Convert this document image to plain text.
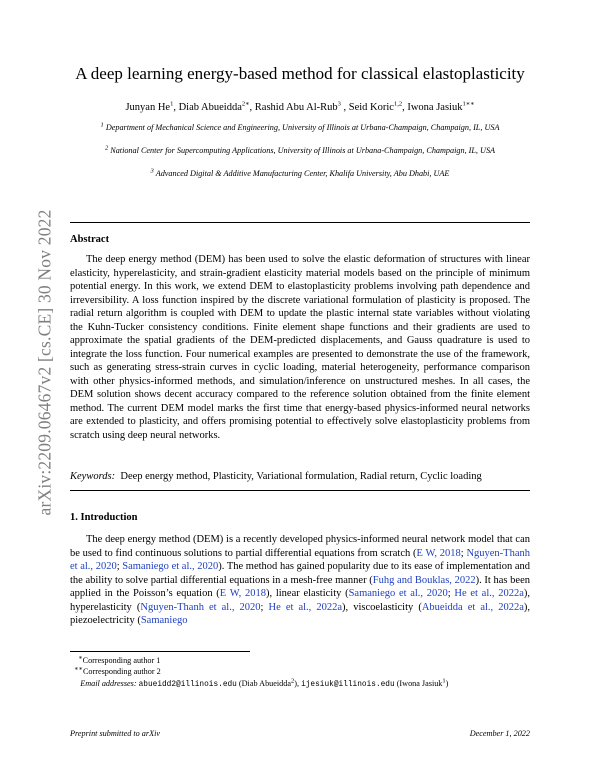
arXiv:2209.06467v2 [cs.CE] 30 Nov 2022
A deep learning energy-based method for classical elastoplasticity
Junyan He$^1$, Diab Abueidda$^{2∗}$, Rashid Abu Al-Rub$^3$ , Seid Koric$^{1,2}$, Iwona Jasiuk$^{1∗∗}$
$^1$ Department of Mechanical Science and Engineering, University of Illinois at Urbana-Champaign, Champaign, IL, USA
$^2$ National Center for Supercomputing Applications, University of Illinois at Urbana-Champaign, Champaign, IL, USA
$^3$ Advanced Digital & Additive Manufacturing Center, Khalifa University, Abu Dhabi, UAE
Abstract

The deep energy method (DEM) has been used to solve the elastic deformation of structures with linear elasticity, hyperelasticity, and strain-gradient elasticity material models based on the principle of minimum potential energy. In this work, we extend DEM to elastoplasticity problems involving path dependence and irreversibility. A loss function inspired by the discrete variational formulation of plasticity is proposed. The radial return algorithm is coupled with DEM to update the plastic internal state variables without violating the Kuhn-Tucker consistency conditions. Finite element shape functions and their gradients are used to approximate the spatial gradients of the DEM-predicted displacements, and Gauss quadrature is used to integrate the loss function. Four numerical examples are presented to demonstrate the use of the framework, such as generating stress-strain curves in cyclic loading, material heterogeneity, performance comparison with other physics-informed methods, and simulation/inference on unstructured meshes. In all cases, the DEM solution shows decent accuracy compared to the reference solution obtained from the finite element method. The current DEM model marks the first time that energy-based physics-informed neural networks are extended to plasticity, and offers promising potential to effectively solve elastoplasticity problems from scratch using deep neural networks.

Keywords: Deep energy method, Plasticity, Variational formulation, Radial return, Cyclic loading
1. Introduction

The deep energy method (DEM) is a recently developed physics-informed neural network model that can be used to find continuous solutions to partial differential equations from scratch (E W, 2018; Nguyen-Thanh et al., 2020; Samaniego et al., 2020). The method has gained popularity due to its ease of implementation and the ability to solve partial differential equations in a mesh-free manner (Fuhg and Bouklas, 2022). It has been applied in the Poisson’s equation (E W, 2018), linear elasticity (Samaniego et al., 2020; He et al., 2022a), hyperelasticity (Nguyen-Thanh et al., 2020; He et al., 2022a), viscoelasticity (Abueidda et al., 2022a), piezoelectricity (Samaniego

∗Corresponding author 1
∗∗Corresponding author 2
Email addresses: abueidd2@illinois.edu (Diab Abueidda$^2$), ijesiuk@illinois.edu (Iwona Jasiuk$^1$)
Preprint submitted to arXiv	December 1, 2022
